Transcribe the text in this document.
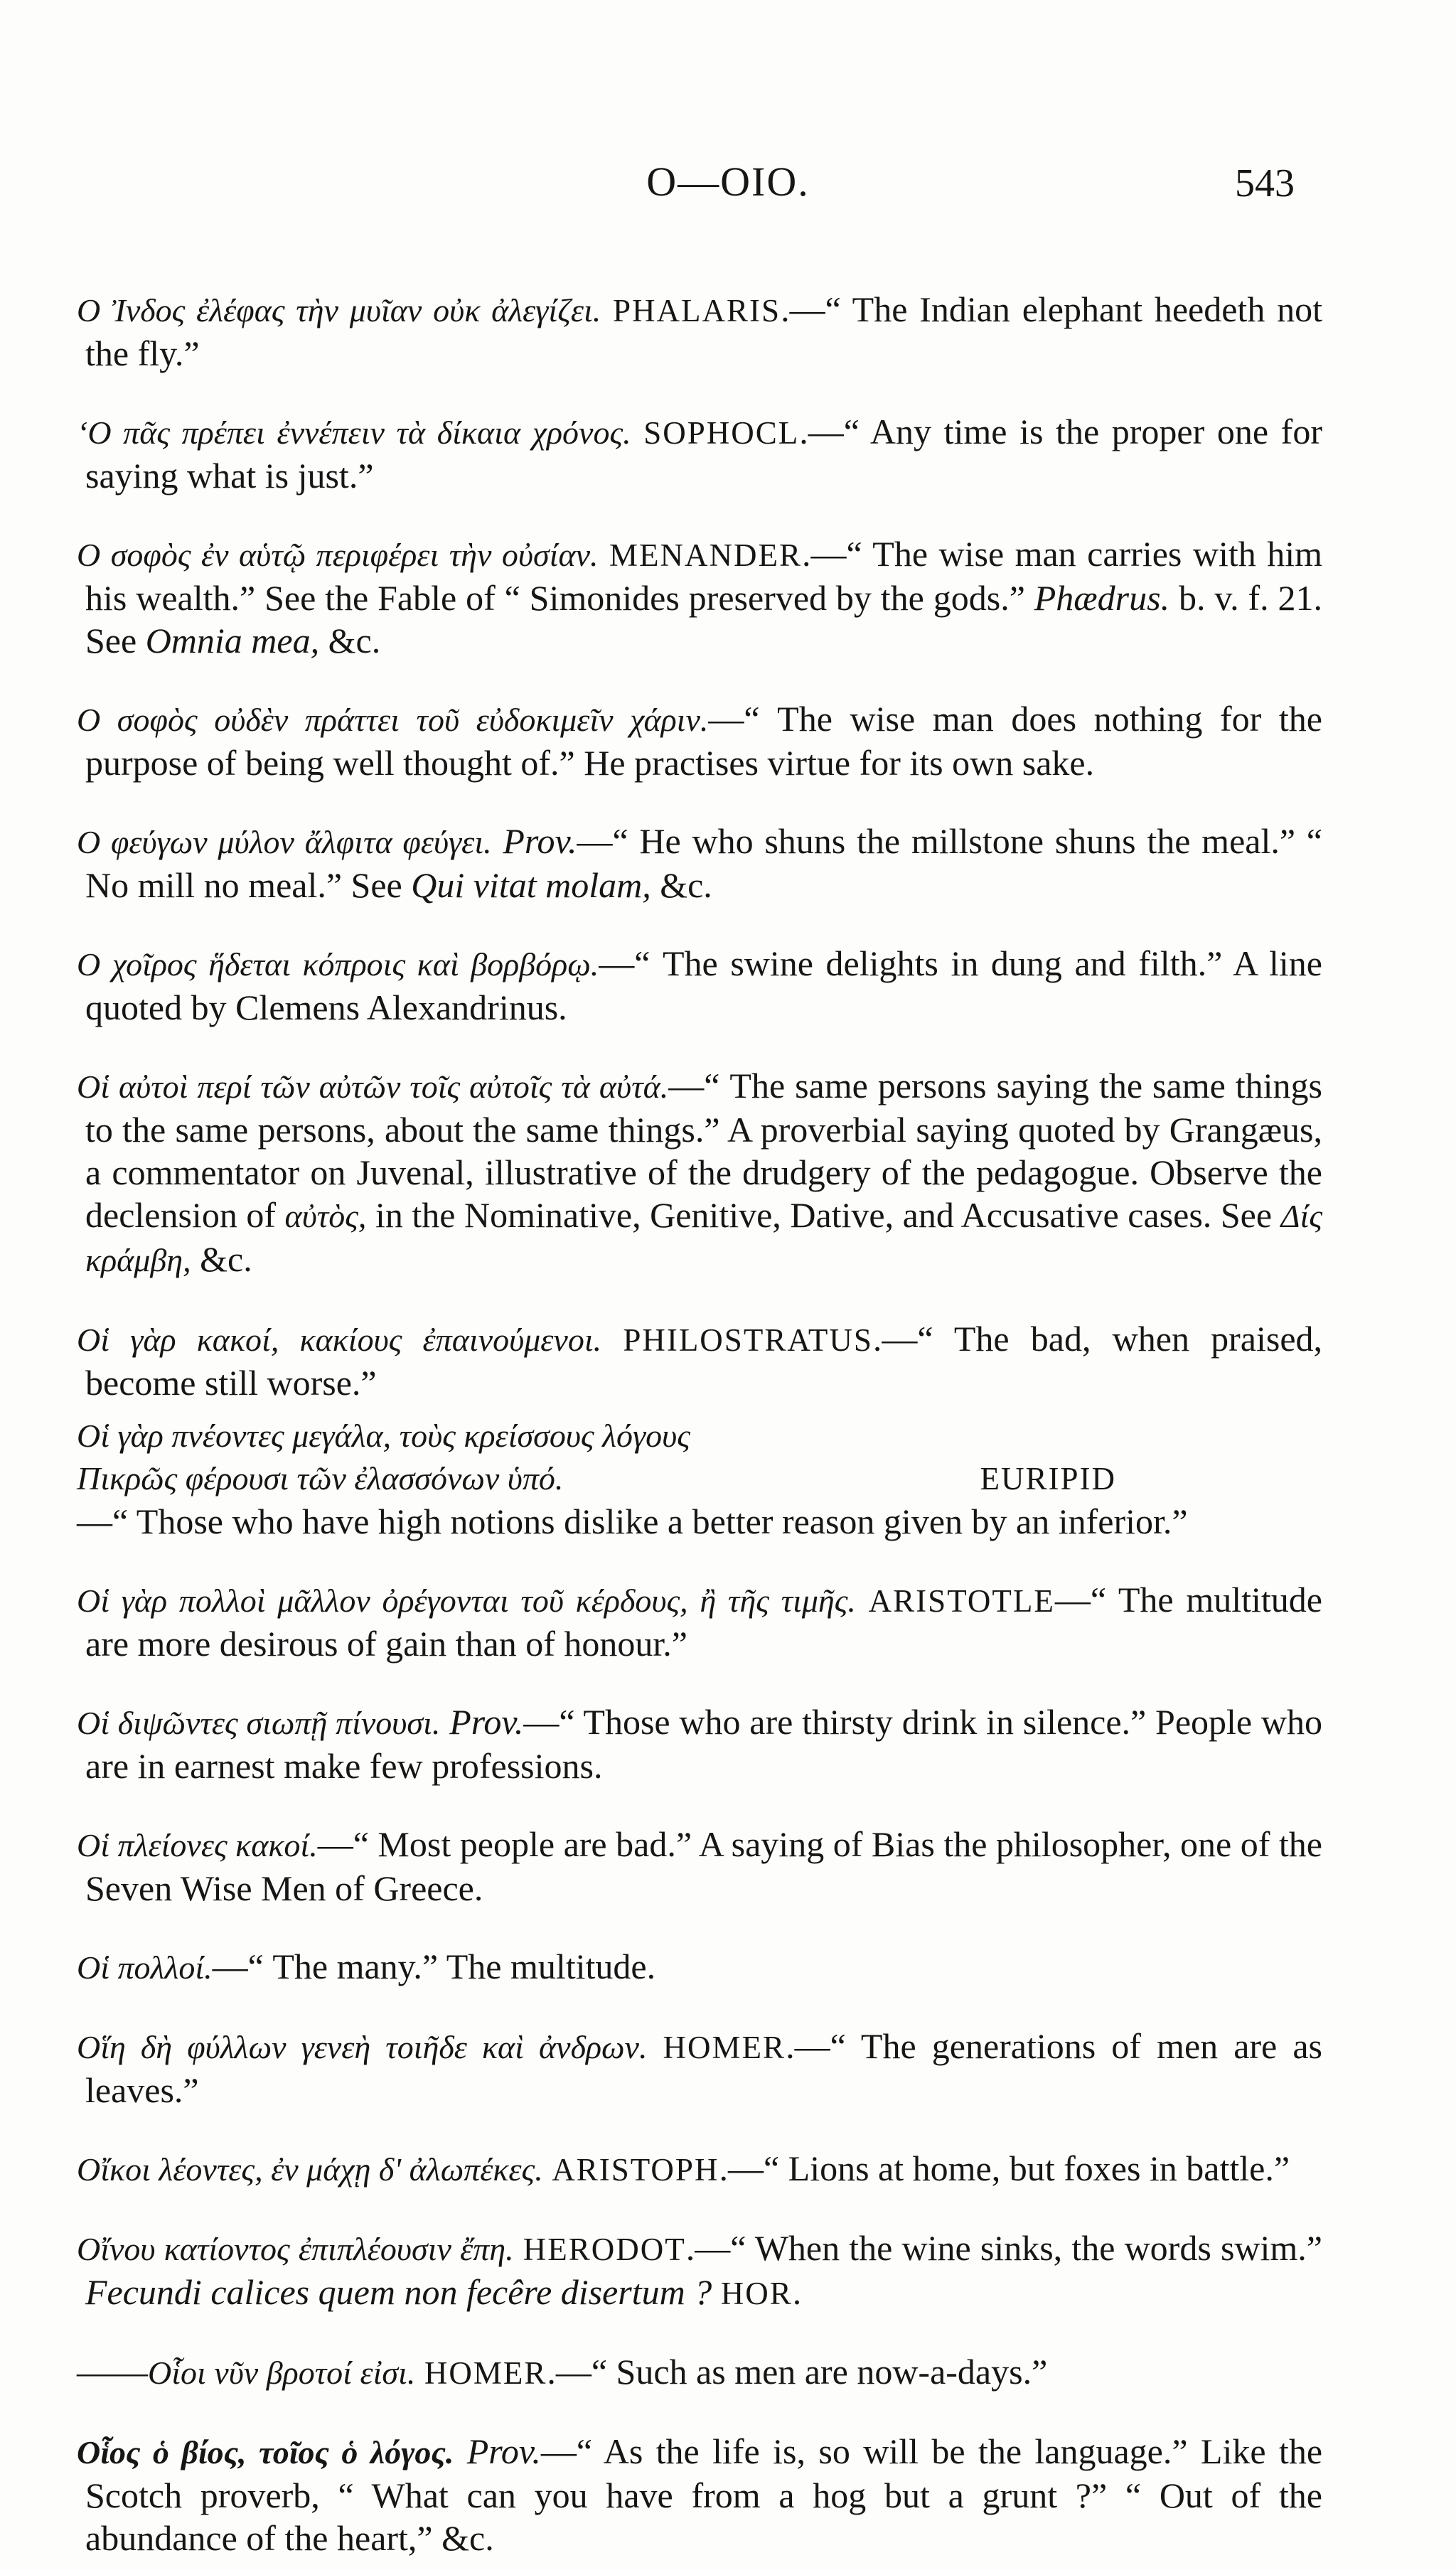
O—OIO.	543

O Ἰνδος ἐλέφας τὴν μυῖαν οὐκ ἀλεγίζει. PHALARIS.—“ The Indian elephant heedeth not the fly.”

ʻO πᾶς πρέπει ἐννέπειν τὰ δίκαια χρόνος. SOPHOCL.—“ Any time is the proper one for saying what is just.”

O σοφὸς ἐν αὑτῷ περιφέρει τὴν οὐσίαν. MENANDER.—“ The wise man carries with him his wealth.” See the Fable of “ Simonides preserved by the gods.” Phædrus. b. v. f. 21. See Omnia mea, &c.

O σοφὸς οὐδὲν πράττει τοῦ εὐδοκιμεῖν χάριν.—“ The wise man does nothing for the purpose of being well thought of.” He practises virtue for its own sake.

O φεύγων μύλον ἄλφιτα φεύγει. Prov.—“ He who shuns the millstone shuns the meal.” “ No mill no meal.” See Qui vitat molam, &c.

O χοῖρος ἥδεται κόπροις καὶ βορβόρῳ.—“ The swine delights in dung and filth.” A line quoted by Clemens Alexandrinus.

Οἱ αὐτοὶ περί τῶν αὐτῶν τοῖς αὐτοῖς τὰ αὐτά.—“ The same persons saying the same things to the same persons, about the same things.” A proverbial saying quoted by Grangæus, a commentator on Juvenal, illustrative of the drudgery of the pedagogue. Observe the declension of αὐτὸς, in the Nominative, Genitive, Dative, and Accusative cases. See Δίς κράμβη, &c.

Οἱ γὰρ κακοί, κακίους ἐπαινούμενοι. PHILOSTRATUS.—“ The bad, when praised, become still worse.”

Οἱ γὰρ πνέοντες μεγάλα, τοὺς κρείσσους λόγους
Πικρῶς φέρουσι τῶν ἐλασσόνων ὑπό.	EURIPID
—“ Those who have high notions dislike a better reason given by an inferior.”

Οἱ γὰρ πολλοὶ μᾶλλον ὀρέγονται τοῦ κέρδους, ἢ τῆς τιμῆς. ARISTOTLE—“ The multitude are more desirous of gain than of honour.”

Οἱ διψῶντες σιωπῇ πίνουσι. Prov.—“ Those who are thirsty drink in silence.” People who are in earnest make few professions.

Οἱ πλείονες κακοί.—“ Most people are bad.” A saying of Bias the philosopher, one of the Seven Wise Men of Greece.

Οἱ πολλοί.—“ The many.” The multitude.

Οἵη δὴ φύλλων γενεὴ τοιῆδε καὶ ἀνδρων. HOMER.—“ The generations of men are as leaves.”

Οἴκοι λέοντες, ἐν μάχῃ δ' ἀλωπέκες. ARISTOPH.—“ Lions at home, but foxes in battle.”

Οἴνου κατίοντος ἐπιπλέουσιν ἔπη. HERODOT.—“ When the wine sinks, the words swim.” Fecundi calices quem non fecêre disertum ? HOR.

——Οἷοι νῦν βροτοί εἰσι. HOMER.—“ Such as men are now-a-days.”

Οἷος ὁ βίος, τοῖος ὁ λόγος. Prov.—“ As the life is, so will be the language.” Like the Scotch proverb, “ What can you have from a hog but a grunt ?” “ Out of the abundance of the heart,” &c.
